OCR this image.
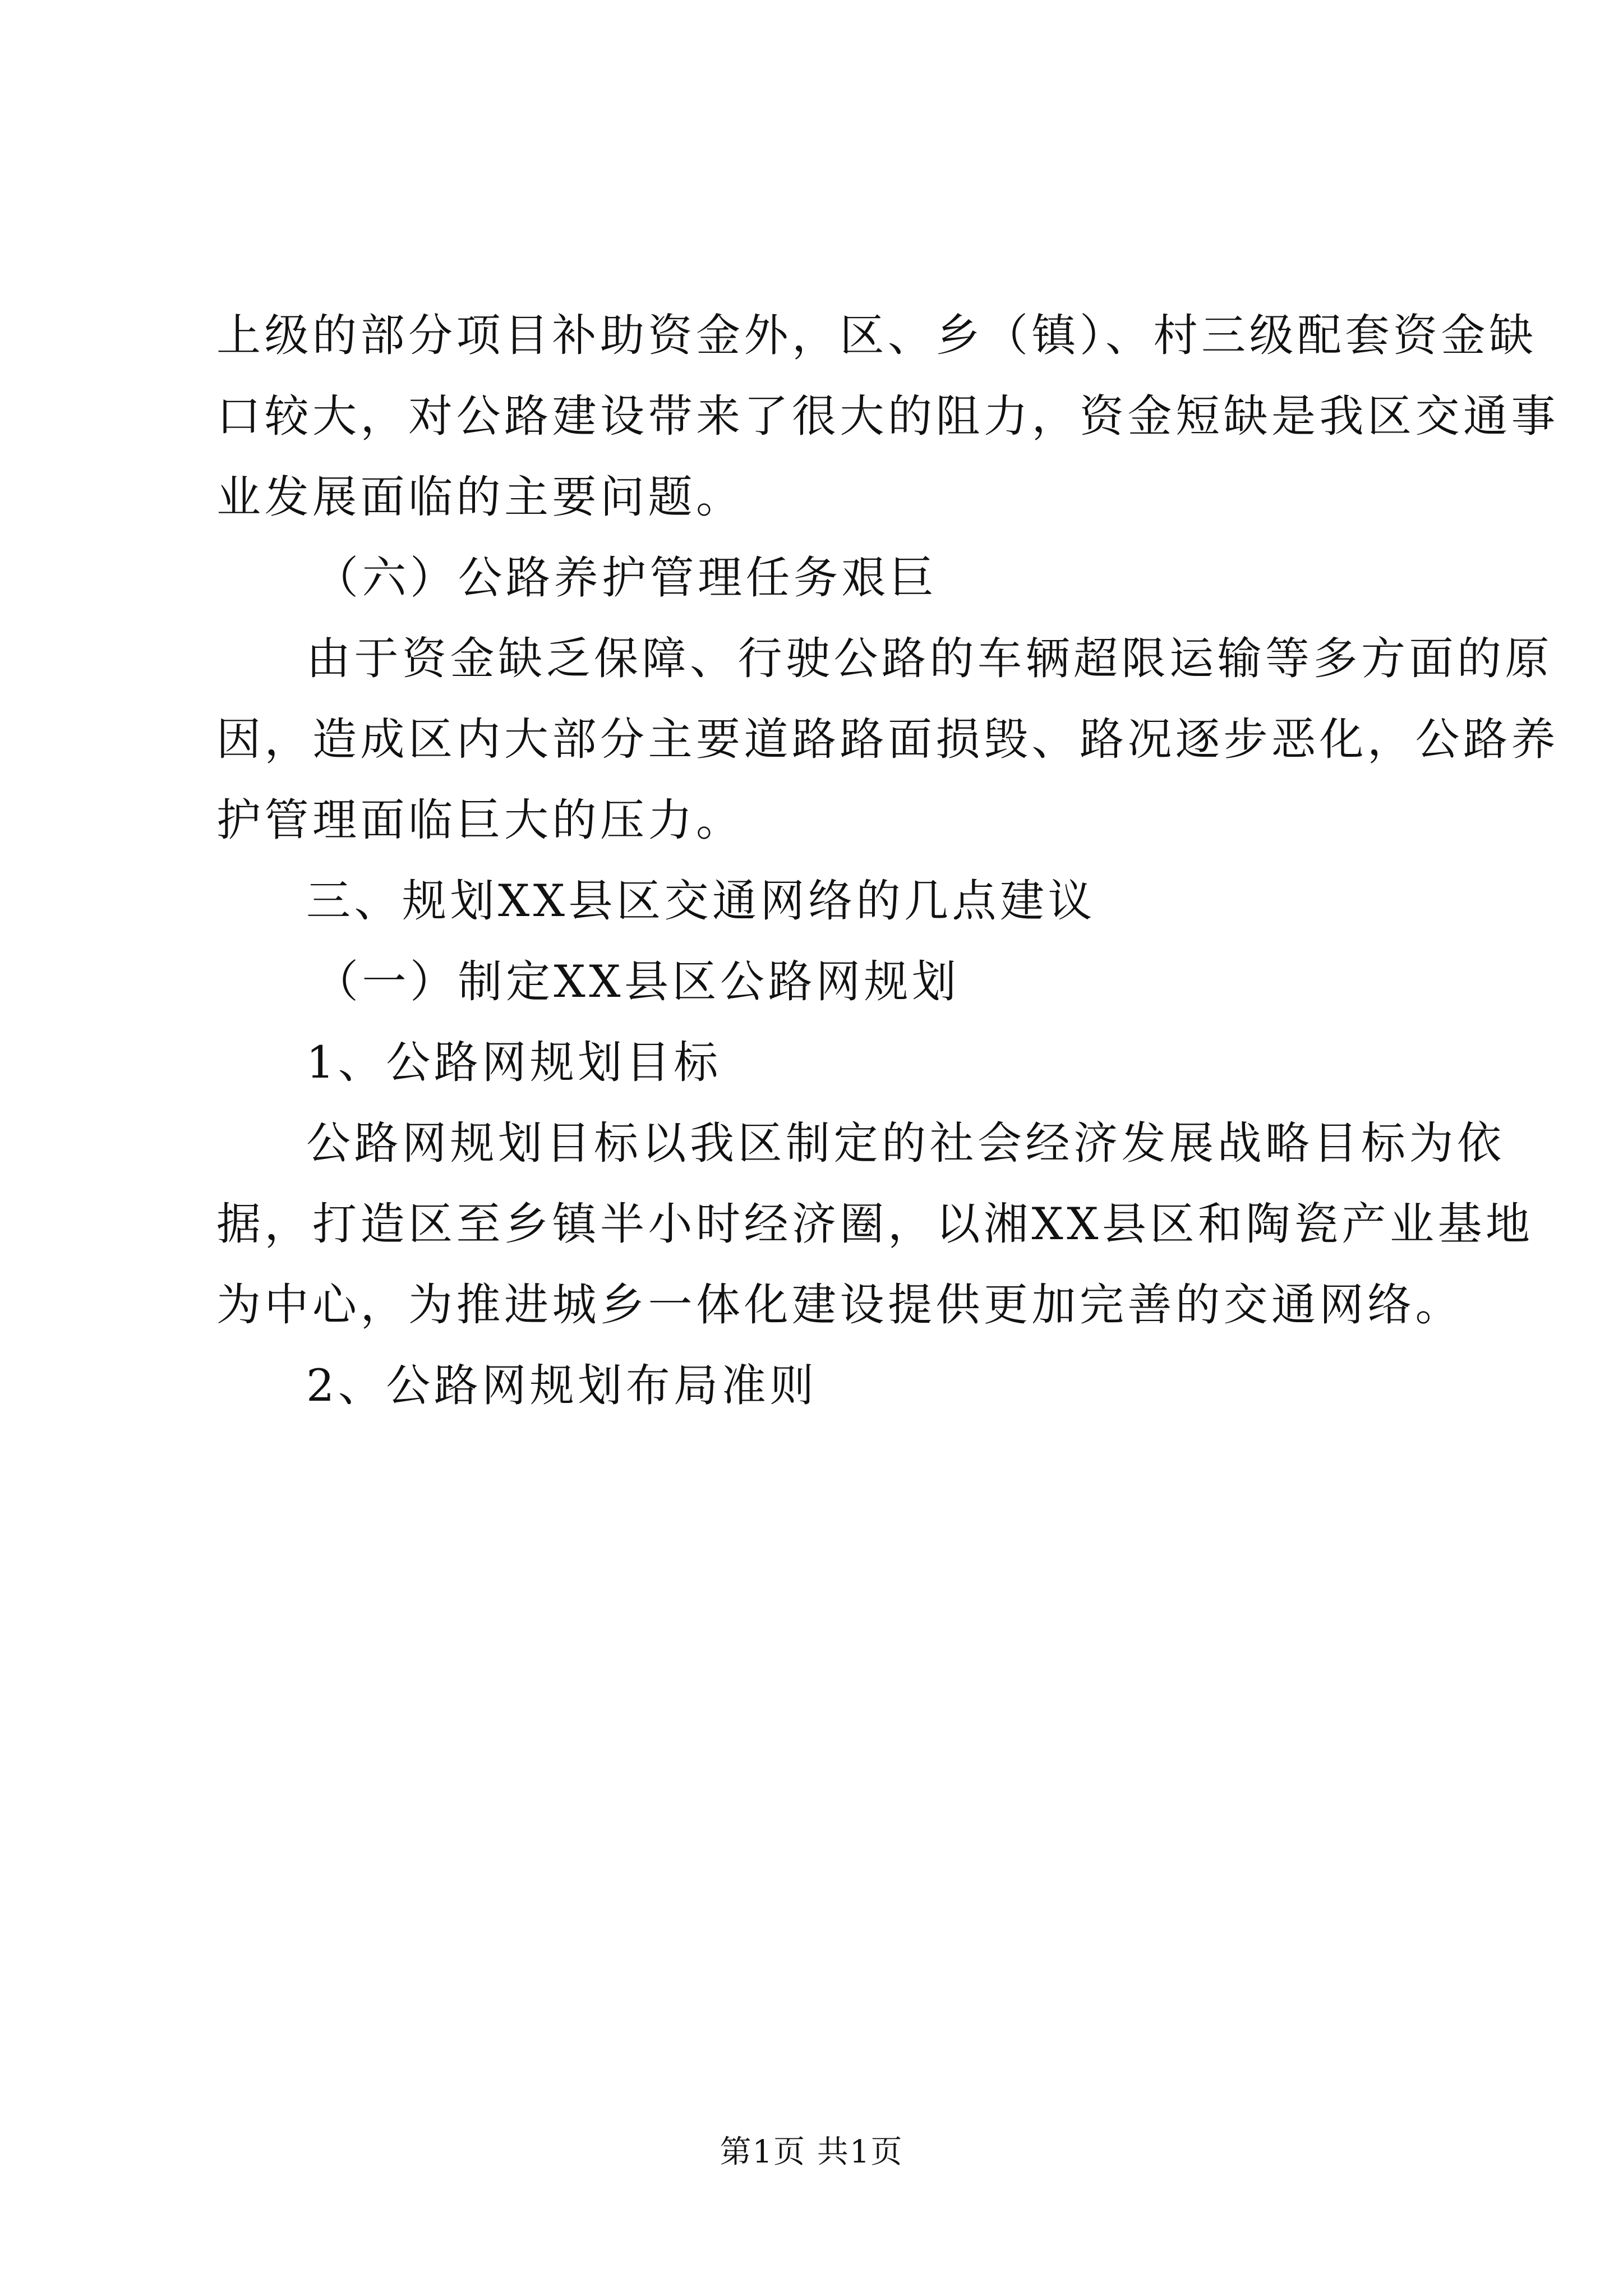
上级的部分项目补助资金外，区、乡（镇）、村三级配套资金缺
口较大，对公路建设带来了很大的阻力，资金短缺是我区交通事
业发展面临的主要问题。
（六）公路养护管理任务艰巨
由于资金缺乏保障、行驶公路的车辆超限运输等多方面的原
因，造成区内大部分主要道路路面损毁、路况逐步恶化，公路养
护管理面临巨大的压力。
三、规划XX县区交通网络的几点建议
（一）制定XX县区公路网规划
1、公路网规划目标
公路网规划目标以我区制定的社会经济发展战略目标为依
据，打造区至乡镇半小时经济圈，以湘XX县区和陶瓷产业基地
为中心，为推进城乡一体化建设提供更加完善的交通网络。
2、公路网规划布局准则
第1页 共1页
